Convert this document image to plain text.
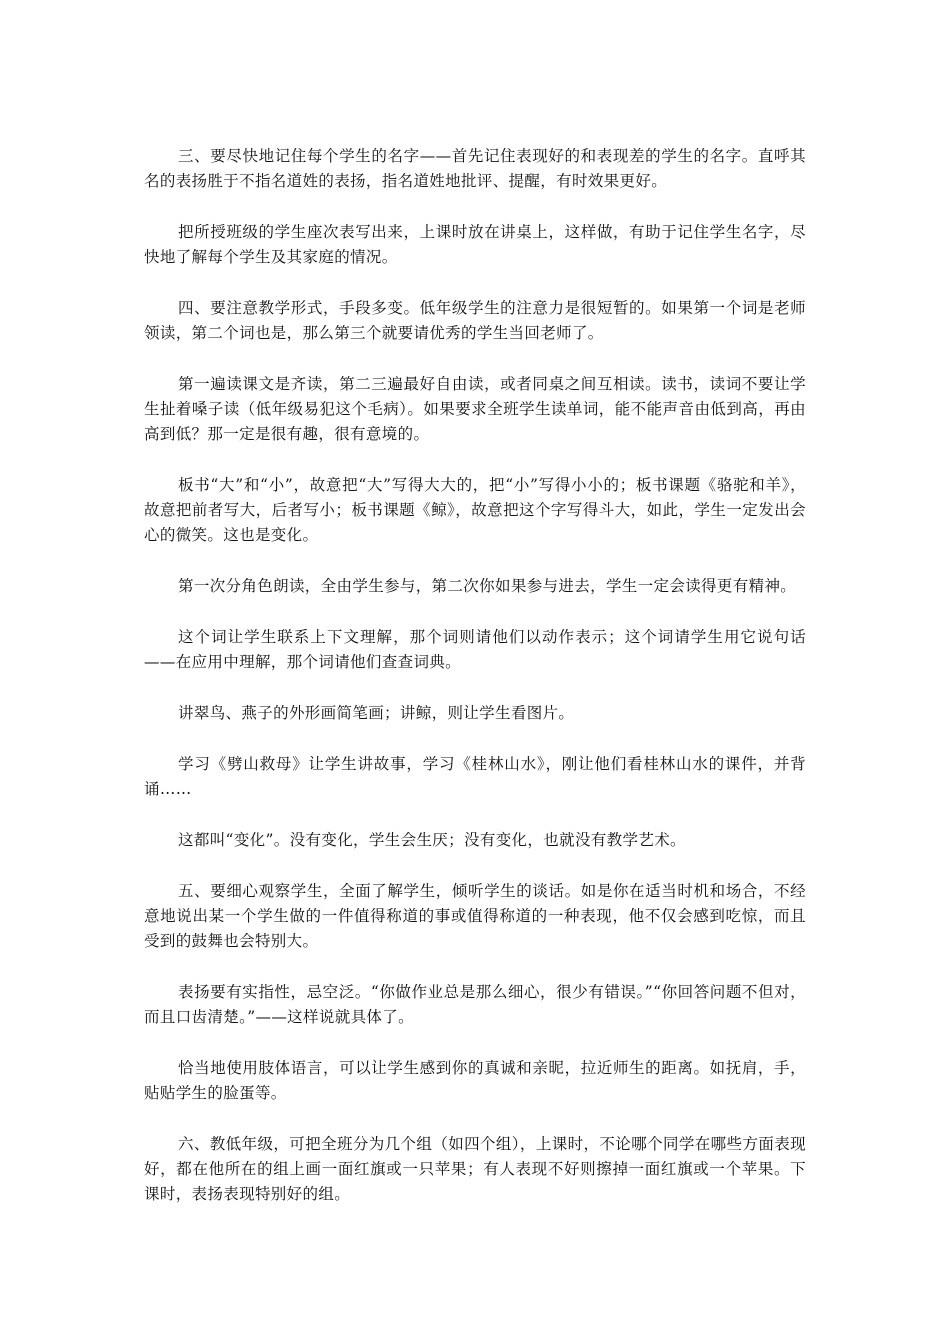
三、要尽快地记住每个学生的名字——首先记住表现好的和表现差的学生的名字。直呼其名的表扬胜于不指名道姓的表扬，指名道姓地批评、提醒，有时效果更好。

把所授班级的学生座次表写出来，上课时放在讲桌上，这样做，有助于记住学生名字，尽快地了解每个学生及其家庭的情况。

四、要注意教学形式，手段多变。低年级学生的注意力是很短暂的。如果第一个词是老师领读，第二个词也是，那么第三个就要请优秀的学生当回老师了。

第一遍读课文是齐读，第二三遍最好自由读，或者同桌之间互相读。读书，读词不要让学生扯着嗓子读（低年级易犯这个毛病）。如果要求全班学生读单词，能不能声音由低到高，再由高到低？那一定是很有趣，很有意境的。

板书“大”和“小”，故意把“大”写得大大的，把“小”写得小小的；板书课题《骆驼和羊》，故意把前者写大，后者写小；板书课题《鲸》，故意把这个字写得斗大，如此，学生一定发出会心的微笑。这也是变化。

第一次分角色朗读，全由学生参与，第二次你如果参与进去，学生一定会读得更有精神。

这个词让学生联系上下文理解，那个词则请他们以动作表示；这个词请学生用它说句话——在应用中理解，那个词请他们查查词典。

讲翠鸟、燕子的外形画简笔画；讲鲸，则让学生看图片。

学习《劈山救母》让学生讲故事，学习《桂林山水》，刚让他们看桂林山水的课件，并背诵……

这都叫“变化”。没有变化，学生会生厌；没有变化，也就没有教学艺术。

五、要细心观察学生，全面了解学生，倾听学生的谈话。如是你在适当时机和场合，不经意地说出某一个学生做的一件值得称道的事或值得称道的一种表现，他不仅会感到吃惊，而且受到的鼓舞也会特别大。

表扬要有实指性，忌空泛。“你做作业总是那么细心，很少有错误。”“你回答问题不但对，而且口齿清楚。”——这样说就具体了。

恰当地使用肢体语言，可以让学生感到你的真诚和亲昵，拉近师生的距离。如抚肩，手，贴贴学生的脸蛋等。

六、教低年级，可把全班分为几个组（如四个组），上课时，不论哪个同学在哪些方面表现好，都在他所在的组上画一面红旗或一只苹果；有人表现不好则擦掉一面红旗或一个苹果。下课时，表扬表现特别好的组。
